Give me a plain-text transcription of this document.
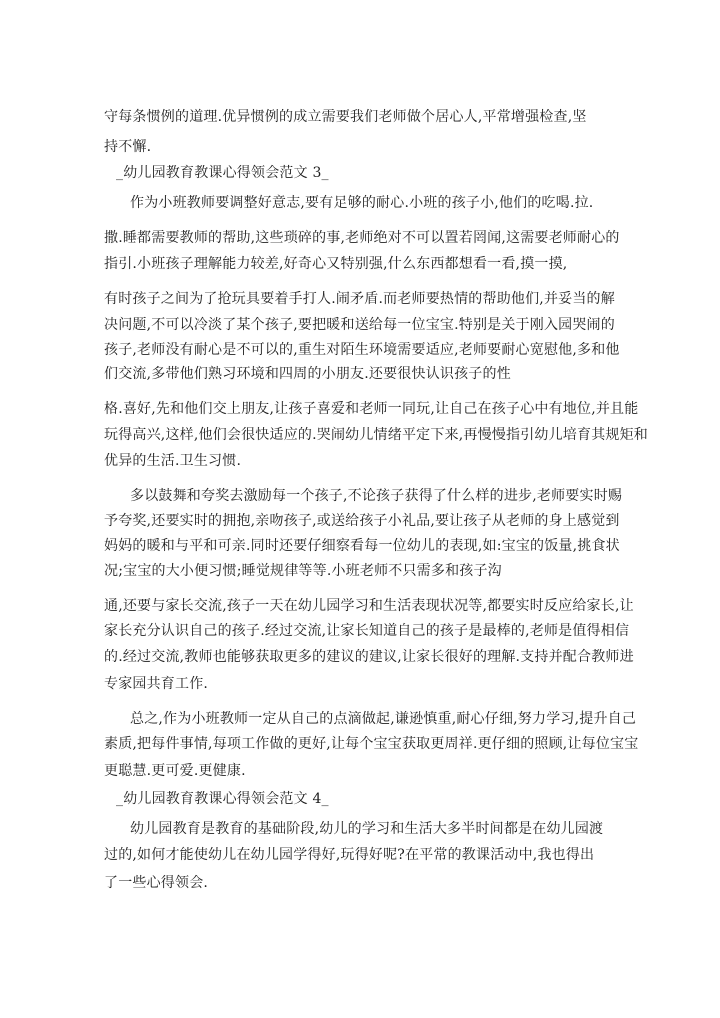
守每条惯例的道理.优异惯例的成立需要我们老师做个居心人,平常增强检查,坚

持不懈.

_幼儿园教育教课心得领会范文 3_

作为小班教师要调整好意志,要有足够的耐心.小班的孩子小,他们的吃喝.拉.

撒.睡都需要教师的帮助,这些琐碎的事,老师绝对不可以置若罔闻,这需要老师耐心的

指引.小班孩子理解能力较差,好奇心又特别强,什么东西都想看一看,摸一摸,

有时孩子之间为了抢玩具要着手打人.闹矛盾.而老师要热情的帮助他们,并妥当的解

决问题,不可以冷淡了某个孩子,要把暖和送给每一位宝宝.特别是关于刚入园哭闹的

孩子,老师没有耐心是不可以的,重生对陌生环境需要适应,老师要耐心宽慰他,多和他

们交流,多带他们熟习环境和四周的小朋友.还要很快认识孩子的性

格.喜好,先和他们交上朋友,让孩子喜爱和老师一同玩,让自己在孩子心中有地位,并且能

玩得高兴,这样,他们会很快适应的.哭闹幼儿情绪平定下来,再慢慢指引幼儿培育其规矩和

优异的生活.卫生习惯.

多以鼓舞和夸奖去激励每一个孩子,不论孩子获得了什么样的进步,老师要实时赐

予夸奖,还要实时的拥抱,亲吻孩子,或送给孩子小礼品,要让孩子从老师的身上感觉到

妈妈的暖和与平和可亲.同时还要仔细察看每一位幼儿的表现,如:宝宝的饭量,挑食状

况;宝宝的大小便习惯;睡觉规律等等.小班老师不只需多和孩子沟

通,还要与家长交流,孩子一天在幼儿园学习和生活表现状况等,都要实时反应给家长,让

家长充分认识自己的孩子.经过交流,让家长知道自己的孩子是最棒的,老师是值得相信

的.经过交流,教师也能够获取更多的建议的建议,让家长很好的理解.支持并配合教师进

专家园共育工作.

总之,作为小班教师一定从自己的点滴做起,谦逊慎重,耐心仔细,努力学习,提升自己

素质,把每件事情,每项工作做的更好,让每个宝宝获取更周祥.更仔细的照顾,让每位宝宝

更聪慧.更可爱.更健康.

_幼儿园教育教课心得领会范文 4_

幼儿园教育是教育的基础阶段,幼儿的学习和生活大多半时间都是在幼儿园渡

过的,如何才能使幼儿在幼儿园学得好,玩得好呢?在平常的教课活动中,我也得出

了一些心得领会.
